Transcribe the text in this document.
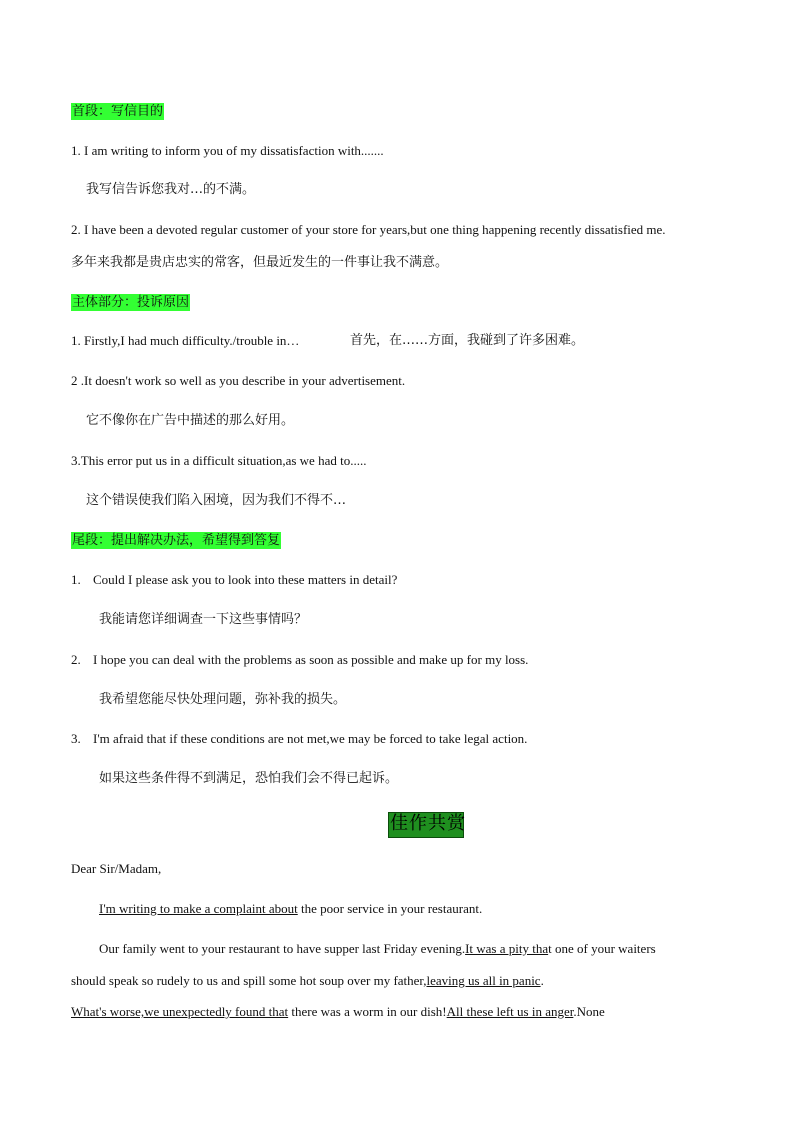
首段：写信目的
1. I am writing to inform you of my dissatisfaction with.......
我写信告诉您我对…的不满。
2. I have been a devoted regular customer of your store for years,but one thing happening recently dissatisfied me.
多年来我都是贵店忠实的常客，但最近发生的一件事让我不满意。
主体部分：投诉原因
1. Firstly,I had much difficulty./trouble in…	首先，在……方面，我碰到了许多困难。
2 .It doesn't work so well as you describe in your advertisement.
它不像你在广告中描述的那么好用。
3.This error put us in a difficult situation,as we had to.....
这个错误使我们陷入困境，因为我们不得不…
尾段：提出解决办法，希望得到答复
1. Could I please ask you to look into these matters in detail?
我能请您详细调查一下这些事情吗？
2. I hope you can deal with the problems as soon as possible and make up for my loss.
我希望您能尽快处理问题，弥补我的损失。
3. I'm afraid that if these conditions are not met,we may be forced to take legal action.
如果这些条件得不到满足，恐怕我们会不得已起诉。
佳作共赏
Dear Sir/Madam,
I'm writing to make a complaint about the poor service in your restaurant.
Our family went to your restaurant to have supper last Friday evening.It was a pity that one of your waiters
should speak so rudely to us and spill some hot soup over my father,leaving us all in panic.
What's worse,we unexpectedly found that there was a worm in our dish!All these left us in anger.None
